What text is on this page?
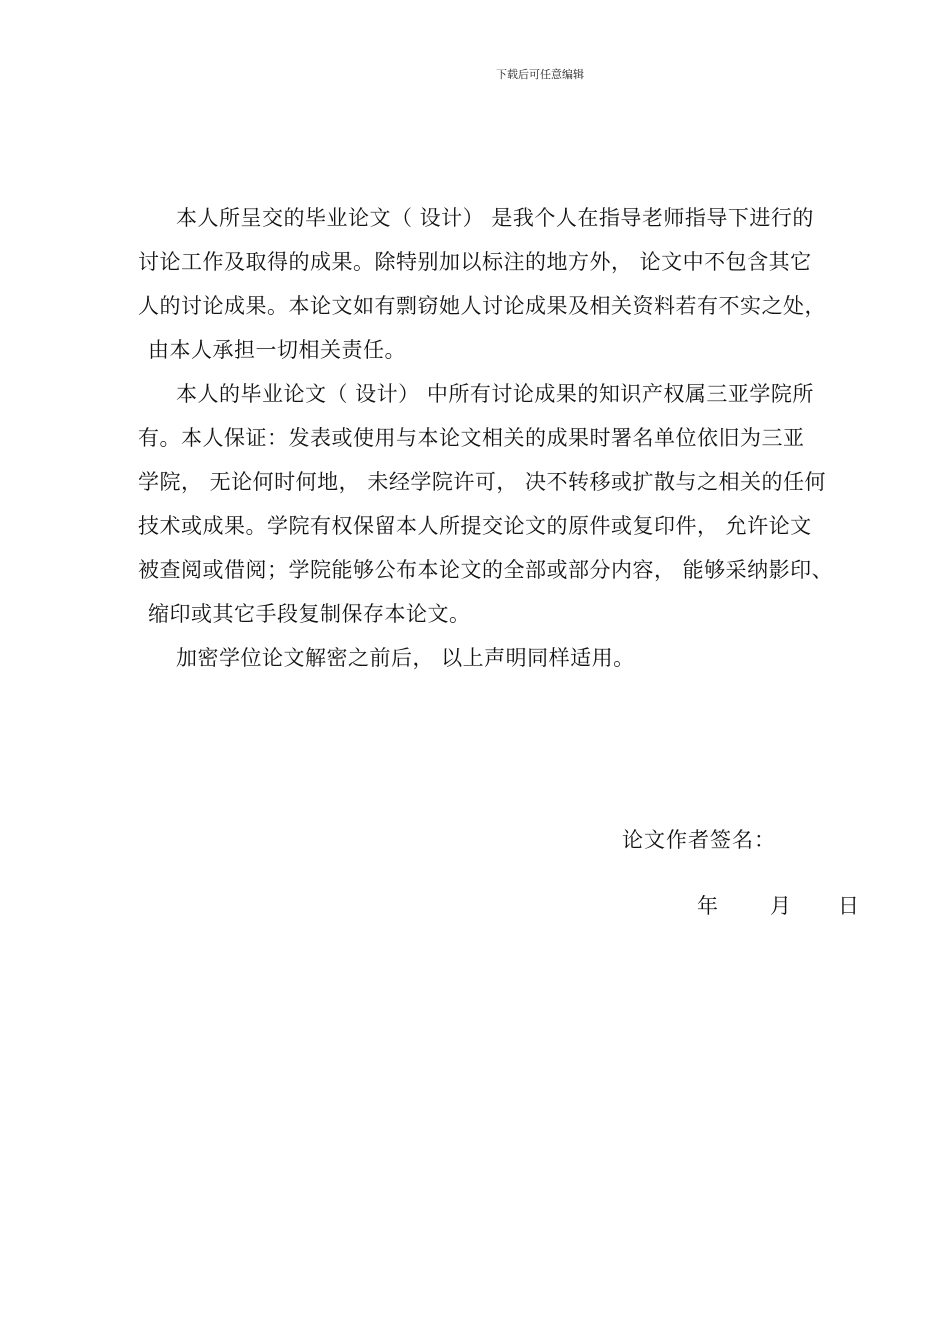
下载后可任意编辑
本人所呈交的毕业论文（ 设计） 是我个人在指导老师指导下进行的
讨论工作及取得的成果。除特别加以标注的地方外， 论文中不包含其它
人的讨论成果。本论文如有剽窃她人讨论成果及相关资料若有不实之处，
由本人承担一切相关责任。
本人的毕业论文（ 设计） 中所有讨论成果的知识产权属三亚学院所
有。本人保证：发表或使用与本论文相关的成果时署名单位依旧为三亚
学院， 无论何时何地， 未经学院许可， 决不转移或扩散与之相关的任何
技术或成果。学院有权保留本人所提交论文的原件或复印件， 允许论文
被查阅或借阅；学院能够公布本论文的全部或部分内容， 能够采纳影印、
缩印或其它手段复制保存本论文。
加密学位论文解密之前后， 以上声明同样适用。
论文作者签名：
年	月	日
